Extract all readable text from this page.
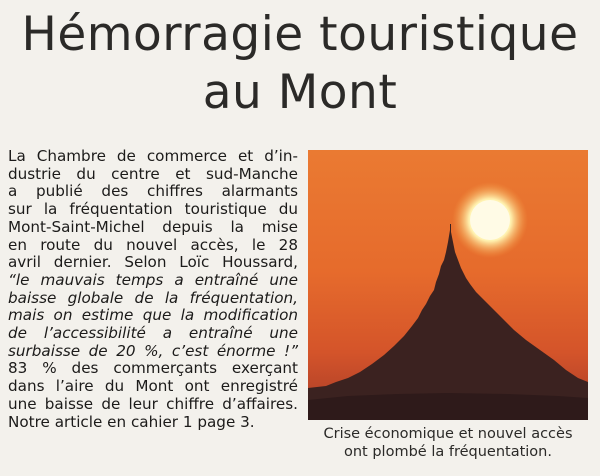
Hémorragie touristique
au Mont
La Chambre de commerce et d’in-
dustrie du centre et sud-Manche
a publié des chiffres alarmants
sur la fréquentation touristique du
Mont-Saint-Michel depuis la mise
en route du nouvel accès, le 28
avril dernier. Selon Loïc Houssard,
“le mauvais temps a entraîné une
baisse globale de la fréquentation,
mais on estime que la modification
de l’accessibilité a entraîné une
surbaisse de 20 %, c’est énorme !”
83 % des commerçants exerçant
dans l’aire du Mont ont enregistré
une baisse de leur chiffre d’affaires.
Notre article en cahier 1 page 3.
Crise économique et nouvel accès
ont plombé la fréquentation.
